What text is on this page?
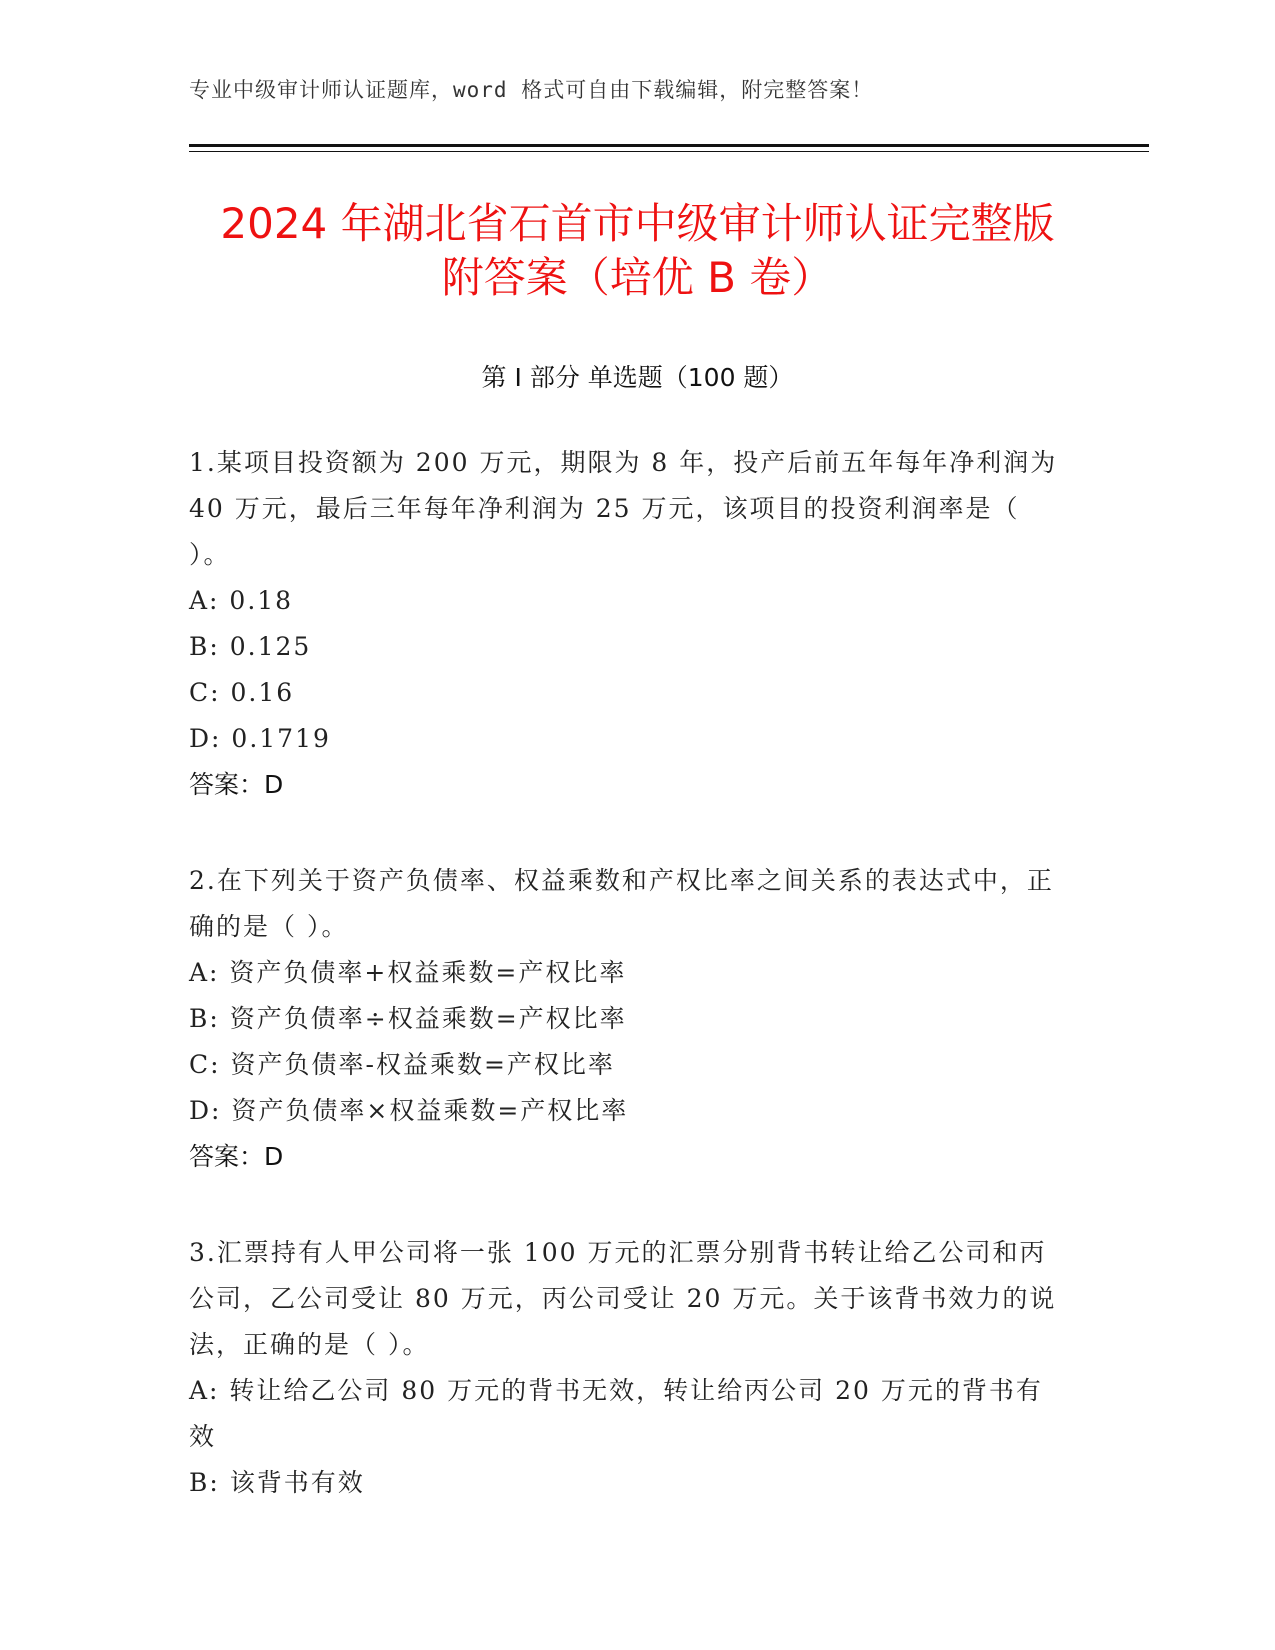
专业中级审计师认证题库，word 格式可自由下载编辑，附完整答案！
2024 年湖北省石首市中级审计师认证完整版
附答案（培优 B 卷）
第 I 部分 单选题（100 题）
1.某项目投资额为 200 万元，期限为 8 年，投产后前五年每年净利润为 40 万元，最后三年每年净利润为 25 万元，该项目的投资利润率是（ ）。
A: 0.18
B: 0.125
C: 0.16
D: 0.1719
答案：D
2.在下列关于资产负债率、权益乘数和产权比率之间关系的表达式中，正确的是（ ）。
A: 资产负债率+权益乘数=产权比率
B: 资产负债率÷权益乘数=产权比率
C: 资产负债率-权益乘数=产权比率
D: 资产负债率×权益乘数=产权比率
答案：D
3.汇票持有人甲公司将一张 100 万元的汇票分别背书转让给乙公司和丙公司，乙公司受让 80 万元，丙公司受让 20 万元。关于该背书效力的说法，正确的是（ ）。
A: 转让给乙公司 80 万元的背书无效，转让给丙公司 20 万元的背书有效
B: 该背书有效
